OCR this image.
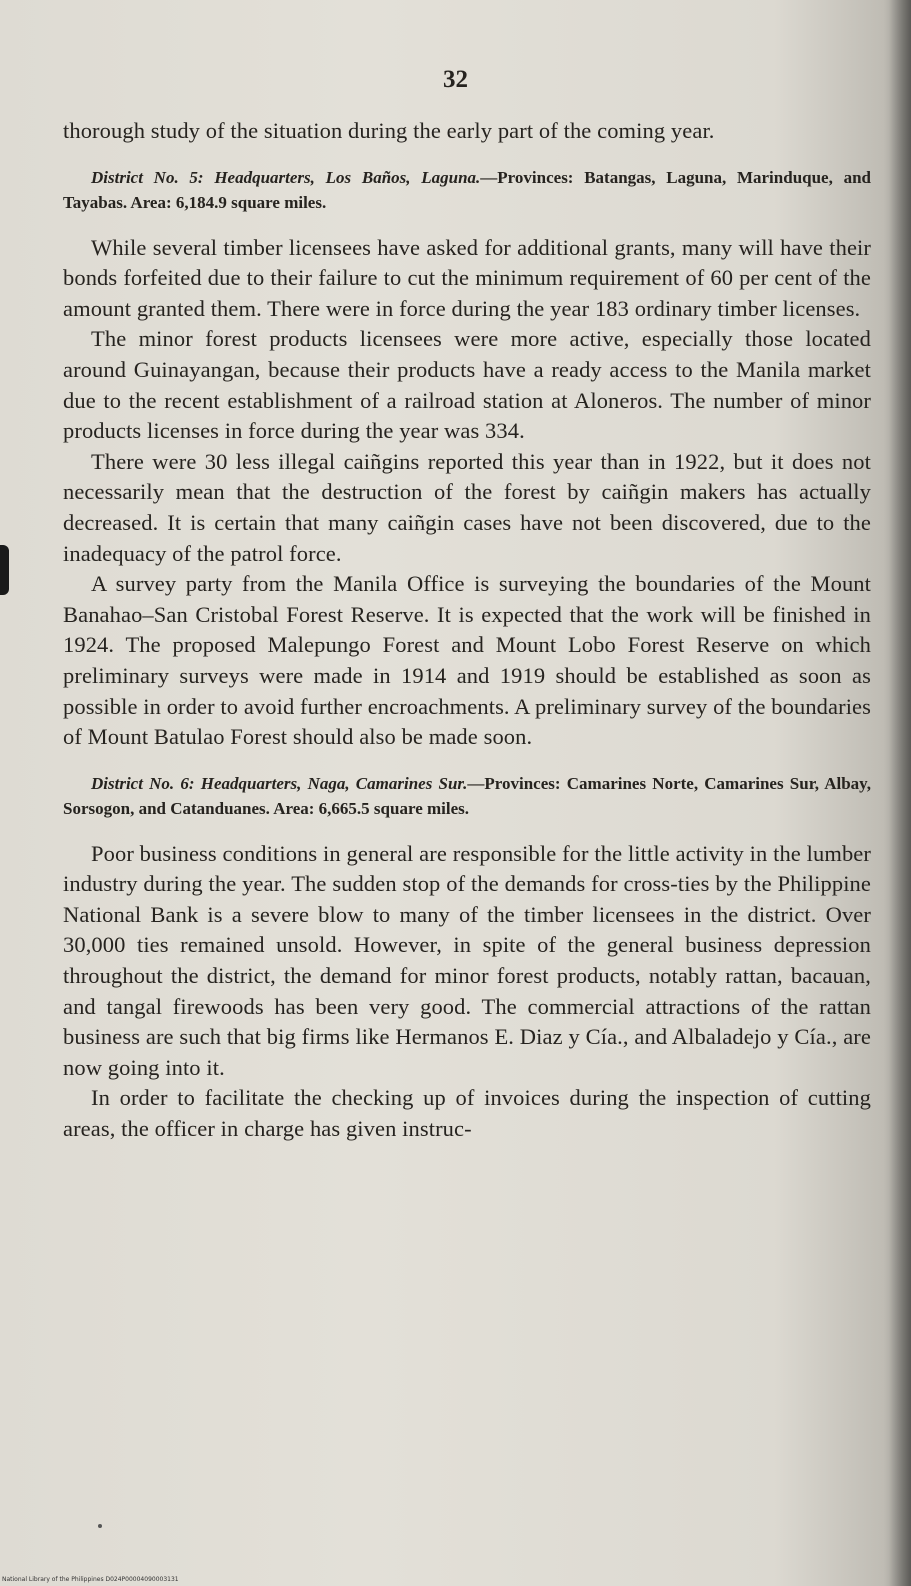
32

thorough study of the situation during the early part of the coming year.

District No. 5: Headquarters, Los Baños, Laguna.—Provinces: Batangas, Laguna, Marinduque, and Tayabas. Area: 6,184.9 square miles.

While several timber licensees have asked for additional grants, many will have their bonds forfeited due to their failure to cut the minimum requirement of 60 per cent of the amount granted them. There were in force during the year 183 ordinary timber licenses.

The minor forest products licensees were more active, especially those located around Guinayangan, because their products have a ready access to the Manila market due to the recent establishment of a railroad station at Aloneros. The number of minor products licenses in force during the year was 334.

There were 30 less illegal caiñgins reported this year than in 1922, but it does not necessarily mean that the destruction of the forest by caiñgin makers has actually decreased. It is certain that many caiñgin cases have not been discovered, due to the inadequacy of the patrol force.

A survey party from the Manila Office is surveying the boundaries of the Mount Banahao–San Cristobal Forest Reserve. It is expected that the work will be finished in 1924. The proposed Malepungo Forest and Mount Lobo Forest Reserve on which preliminary surveys were made in 1914 and 1919 should be established as soon as possible in order to avoid further encroachments. A preliminary survey of the boundaries of Mount Batulao Forest should also be made soon.

District No. 6: Headquarters, Naga, Camarines Sur.—Provinces: Camarines Norte, Camarines Sur, Albay, Sorsogon, and Catanduanes. Area: 6,665.5 square miles.

Poor business conditions in general are responsible for the little activity in the lumber industry during the year. The sudden stop of the demands for cross-ties by the Philippine National Bank is a severe blow to many of the timber licensees in the district. Over 30,000 ties remained unsold. However, in spite of the general business depression throughout the district, the demand for minor forest products, notably rattan, bacauan, and tangal firewoods has been very good. The commercial attractions of the rattan business are such that big firms like Hermanos E. Diaz y Cía., and Albaladejo y Cía., are now going into it.

In order to facilitate the checking up of invoices during the inspection of cutting areas, the officer in charge has given instruc-

National Library of the Philippines D024P00004090003131
